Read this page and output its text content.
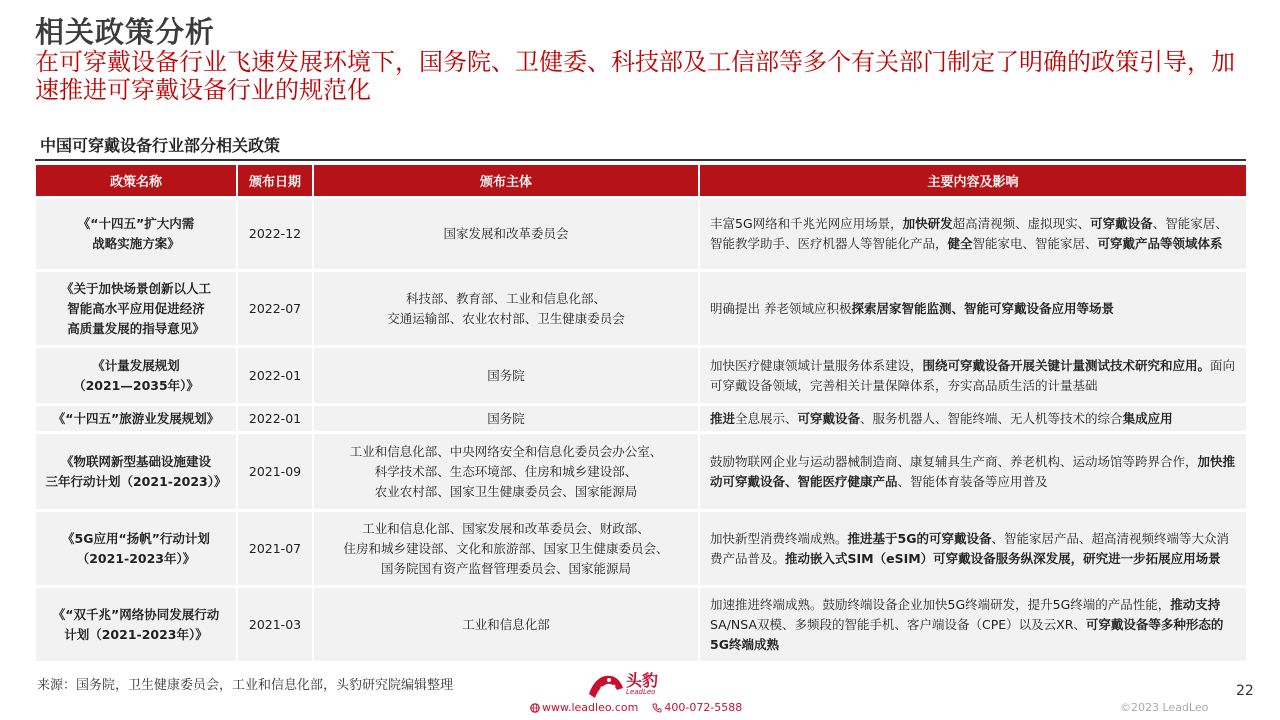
相关政策分析
在可穿戴设备行业飞速发展环境下，国务院、卫健委、科技部及工信部等多个有关部门制定了明确的政策引导，加速推进可穿戴设备行业的规范化
中国可穿戴设备行业部分相关政策
政策名称	颁布日期	颁布主体	主要内容及影响

《“十四五”扩大内需
战略实施方案》	2022-12	国家发展和改革委员会	丰富5G网络和千兆光网应用场景，加快研发超高清视频、虚拟现实、可穿戴设备、智能家居、智能教学助手、医疗机器人等智能化产品，健全智能家电、智能家居、可穿戴产品等领域体系

《关于加快场景创新以人工
智能高水平应用促进经济
高质量发展的指导意见》	2022-07	科技部、教育部、工业和信息化部、
交通运输部、农业农村部、卫生健康委员会	明确提出 养老领域应积极探索居家智能监测、智能可穿戴设备应用等场景

《计量发展规划
（2021—2035年）》	2022-01	国务院	加快医疗健康领域计量服务体系建设，围绕可穿戴设备开展关键计量测试技术研究和应用。面向可穿戴设备领域，完善相关计量保障体系，夯实高品质生活的计量基础

《“十四五”旅游业发展规划》	2022-01	国务院	推进全息展示、可穿戴设备、服务机器人、智能终端、无人机等技术的综合集成应用

《物联网新型基础设施建设
三年行动计划（2021-2023）》	2021-09	工业和信息化部、中央网络安全和信息化委员会办公室、
科学技术部、生态环境部、住房和城乡建设部、
农业农村部、国家卫生健康委员会、国家能源局	鼓励物联网企业与运动器械制造商、康复辅具生产商、养老机构、运动场馆等跨界合作，加快推动可穿戴设备、智能医疗健康产品、智能体育装备等应用普及

《5G应用“扬帆”行动计划
（2021-2023年）》	2021-07	工业和信息化部、国家发展和改革委员会、财政部、
住房和城乡建设部、文化和旅游部、国家卫生健康委员会、
国务院国有资产监督管理委员会、国家能源局	加快新型消费终端成熟。推进基于5G的可穿戴设备、智能家居产品、超高清视频终端等大众消费产品普及。推动嵌入式SIM（eSIM）可穿戴设备服务纵深发展，研究进一步拓展应用场景

《“双千兆”网络协同发展行动
计划（2021-2023年）》	2021-03	工业和信息化部	加速推进终端成熟。鼓励终端设备企业加快5G终端研发，提升5G终端的产品性能，推动支持SA/NSA双模、多频段的智能手机、客户端设备（CPE）以及云XR、可穿戴设备等多种形态的5G终端成熟
来源：国务院，卫生健康委员会，工业和信息化部，头豹研究院编辑整理	头豹
LeadLeo
www.leadleo.com 400-072-5588
22
©2023 LeadLeo
